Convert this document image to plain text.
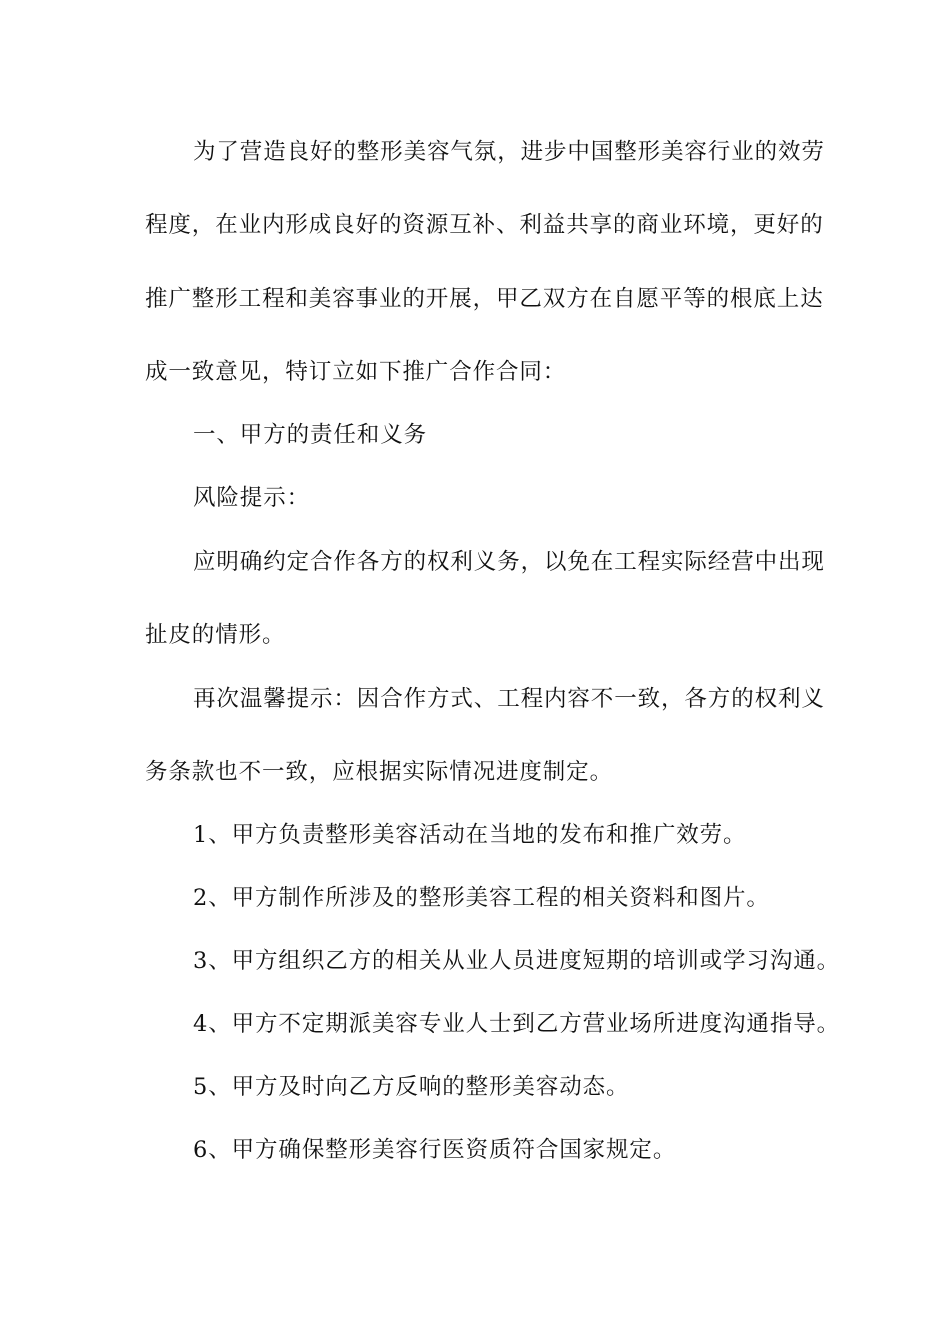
为了营造良好的整形美容气氛，进步中国整形美容行业的效劳
程度，在业内形成良好的资源互补、利益共享的商业环境，更好的
推广整形工程和美容事业的开展，甲乙双方在自愿平等的根底上达
成一致意见，特订立如下推广合作合同：
一、甲方的责任和义务
风险提示：
应明确约定合作各方的权利义务，以免在工程实际经营中出现
扯皮的情形。
再次温馨提示：因合作方式、工程内容不一致，各方的权利义
务条款也不一致，应根据实际情况进度制定。
1、甲方负责整形美容活动在当地的发布和推广效劳。
2、甲方制作所涉及的整形美容工程的相关资料和图片。
3、甲方组织乙方的相关从业人员进度短期的培训或学习沟通。
4、甲方不定期派美容专业人士到乙方营业场所进度沟通指导。
5、甲方及时向乙方反响的整形美容动态。
6、甲方确保整形美容行医资质符合国家规定。
